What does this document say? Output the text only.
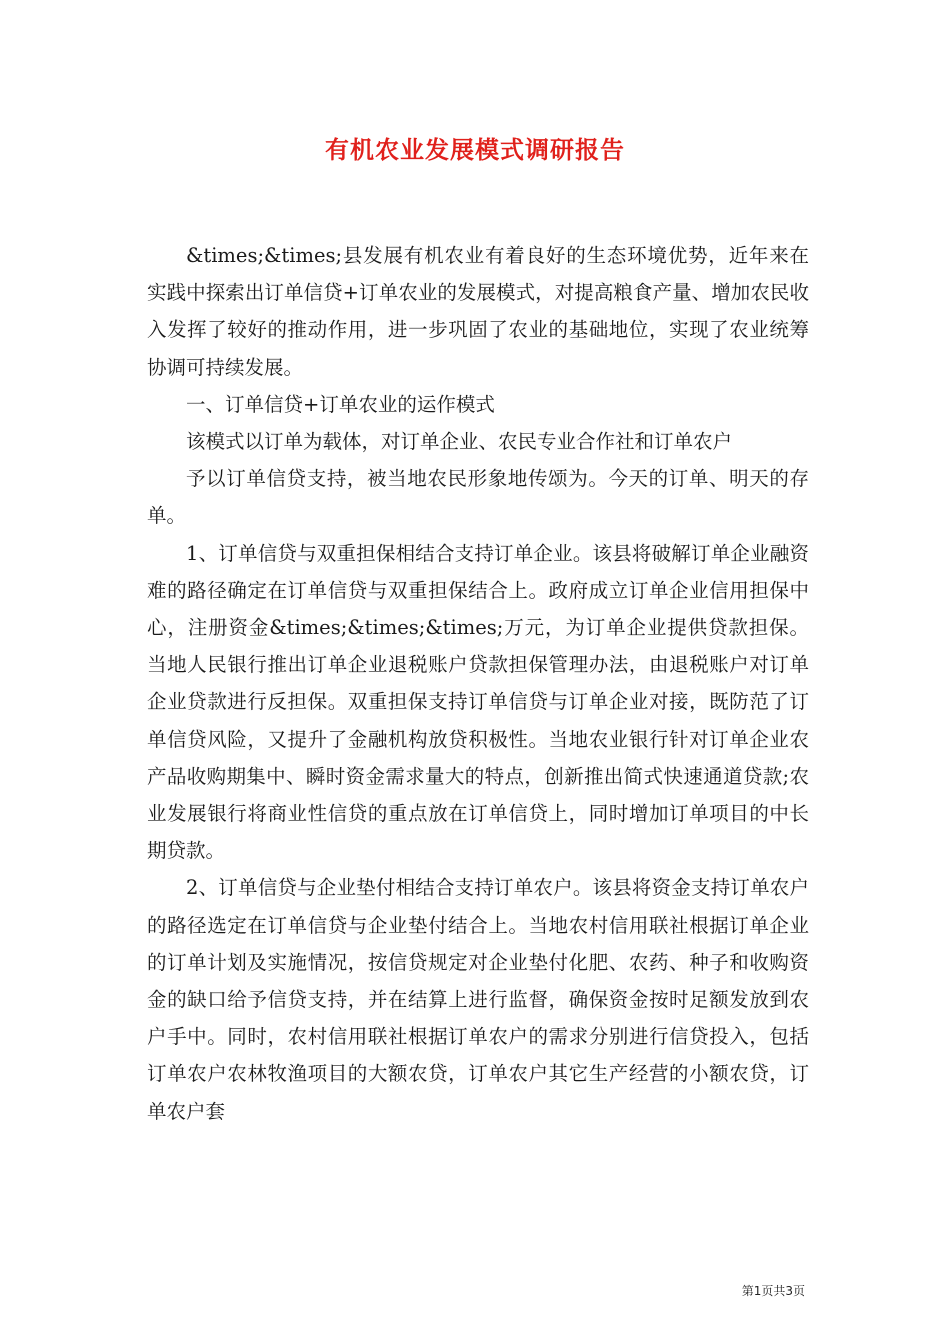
有机农业发展模式调研报告

&times;&times;县发展有机农业有着良好的生态环境优势，近年来在实践中探索出订单信贷+订单农业的发展模式，对提高粮食产量、增加农民收入发挥了较好的推动作用，进一步巩固了农业的基础地位，实现了农业统筹协调可持续发展。

一、订单信贷+订单农业的运作模式

该模式以订单为载体，对订单企业、农民专业合作社和订单农户

予以订单信贷支持，被当地农民形象地传颂为。今天的订单、明天的存单。

1、订单信贷与双重担保相结合支持订单企业。该县将破解订单企业融资难的路径确定在订单信贷与双重担保结合上。政府成立订单企业信用担保中心，注册资金&times;&times;&times;万元，为订单企业提供贷款担保。当地人民银行推出订单企业退税账户贷款担保管理办法，由退税账户对订单企业贷款进行反担保。双重担保支持订单信贷与订单企业对接，既防范了订单信贷风险，又提升了金融机构放贷积极性。当地农业银行针对订单企业农产品收购期集中、瞬时资金需求量大的特点，创新推出简式快速通道贷款;农业发展银行将商业性信贷的重点放在订单信贷上，同时增加订单项目的中长期贷款。

2、订单信贷与企业垫付相结合支持订单农户。该县将资金支持订单农户的路径选定在订单信贷与企业垫付结合上。当地农村信用联社根据订单企业的订单计划及实施情况，按信贷规定对企业垫付化肥、农药、种子和收购资金的缺口给予信贷支持，并在结算上进行监督，确保资金按时足额发放到农户手中。同时，农村信用联社根据订单农户的需求分别进行信贷投入，包括订单农户农林牧渔项目的大额农贷，订单农户其它生产经营的小额农贷，订单农户套

第1页共3页
